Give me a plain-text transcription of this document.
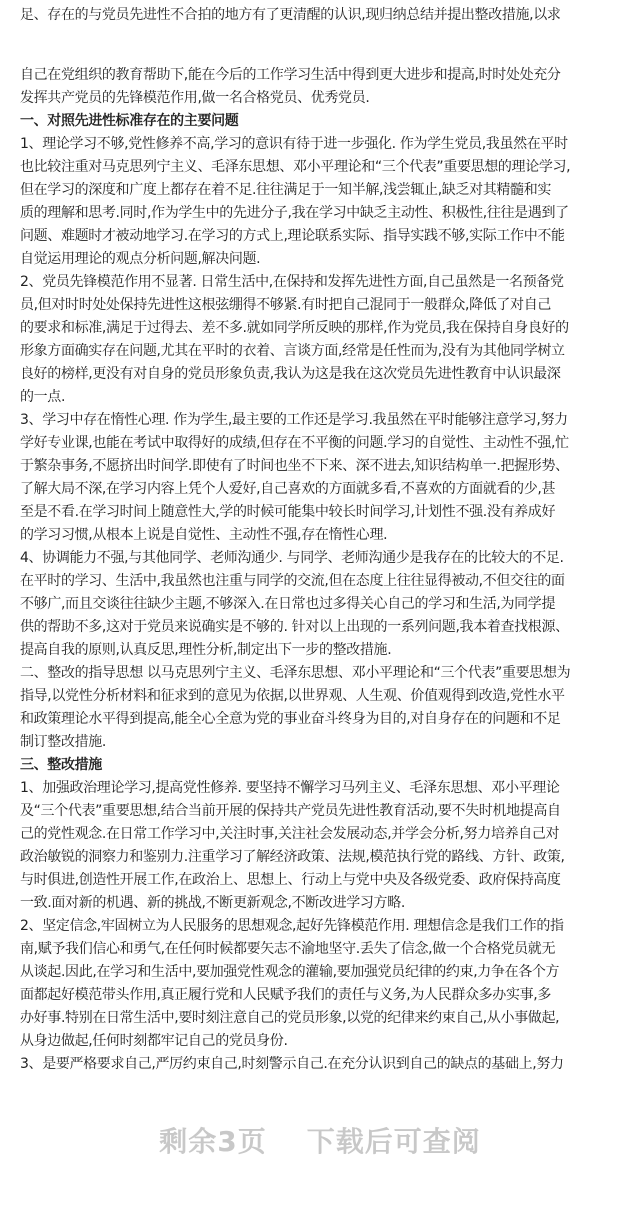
足、存在的与党员先进性不合拍的地方有了更清醒的认识,现归纳总结并提出整改措施,以求
自己在党组织的教育帮助下,能在今后的工作学习生活中得到更大进步和提高,时时处处充分
发挥共产党员的先锋模范作用,做一名合格党员、优秀党员.
一、对照先进性标准存在的主要问题
1、理论学习不够,党性修养不高,学习的意识有待于进一步强化. 作为学生党员,我虽然在平时
也比较注重对马克思列宁主义、毛泽东思想、邓小平理论和“三个代表”重要思想的理论学习,
但在学习的深度和广度上都存在着不足.往往满足于一知半解,浅尝辄止,缺乏对其精髓和实
质的理解和思考.同时,作为学生中的先进分子,我在学习中缺乏主动性、积极性,往往是遇到了
问题、难题时才被动地学习.在学习的方式上,理论联系实际、指导实践不够,实际工作中不能
自觉运用理论的观点分析问题,解决问题.
2、党员先锋模范作用不显著. 日常生活中,在保持和发挥先进性方面,自己虽然是一名预备党
员,但对时时处处保持先进性这根弦绷得不够紧.有时把自己混同于一般群众,降低了对自己
的要求和标准,满足于过得去、差不多.就如同学所反映的那样,作为党员,我在保持自身良好的
形象方面确实存在问题,尤其在平时的衣着、言谈方面,经常是任性而为,没有为其他同学树立
良好的榜样,更没有对自身的党员形象负责,我认为这是我在这次党员先进性教育中认识最深
的一点.
3、学习中存在惰性心理. 作为学生,最主要的工作还是学习.我虽然在平时能够注意学习,努力
学好专业课,也能在考试中取得好的成绩,但存在不平衡的问题.学习的自觉性、主动性不强,忙
于繁杂事务,不愿挤出时间学.即使有了时间也坐不下来、深不进去,知识结构单一.把握形势、
了解大局不深,在学习内容上凭个人爱好,自己喜欢的方面就多看,不喜欢的方面就看的少,甚
至是不看.在学习时间上随意性大,学的时候可能集中较长时间学习,计划性不强.没有养成好
的学习习惯,从根本上说是自觉性、主动性不强,存在惰性心理.
4、协调能力不强,与其他同学、老师沟通少. 与同学、老师沟通少是我存在的比较大的不足.
在平时的学习、生活中,我虽然也注重与同学的交流,但在态度上往往显得被动,不但交往的面
不够广,而且交谈往往缺少主题,不够深入.在日常也过多得关心自己的学习和生活,为同学提
供的帮助不多,这对于党员来说确实是不够的. 针对以上出现的一系列问题,我本着查找根源、
提高自我的原则,认真反思,理性分析,制定出下一步的整改措施.
二、整改的指导思想 以马克思列宁主义、毛泽东思想、邓小平理论和“三个代表”重要思想为
指导,以党性分析材料和征求到的意见为依据,以世界观、人生观、价值观得到改造,党性水平
和政策理论水平得到提高,能全心全意为党的事业奋斗终身为目的,对自身存在的问题和不足
制订整改措施.
三、整改措施
1、加强政治理论学习,提高党性修养. 要坚持不懈学习马列主义、毛泽东思想、邓小平理论
及“三个代表”重要思想,结合当前开展的保持共产党员先进性教育活动,要不失时机地提高自
己的党性观念.在日常工作学习中,关注时事,关注社会发展动态,并学会分析,努力培养自己对
政治敏锐的洞察力和鉴别力.注重学习了解经济政策、法规,模范执行党的路线、方针、政策,
与时俱进,创造性开展工作,在政治上、思想上、行动上与党中央及各级党委、政府保持高度
一致.面对新的机遇、新的挑战,不断更新观念,不断改进学习方略.
2、坚定信念,牢固树立为人民服务的思想观念,起好先锋模范作用. 理想信念是我们工作的指
南,赋予我们信心和勇气,在任何时候都要矢志不渝地坚守.丢失了信念,做一个合格党员就无
从谈起.因此,在学习和生活中,要加强党性观念的灌输,要加强党员纪律的约束,力争在各个方
面都起好模范带头作用,真正履行党和人民赋予我们的责任与义务,为人民群众多办实事,多
办好事.特别在日常生活中,要时刻注意自己的党员形象,以党的纪律来约束自己,从小事做起,
从身边做起,任何时刻都牢记自己的党员身份.
3、是要严格要求自己,严厉约束自己,时刻警示自己.在充分认识到自己的缺点的基础上,努力
剩余3页 下载后可查阅
